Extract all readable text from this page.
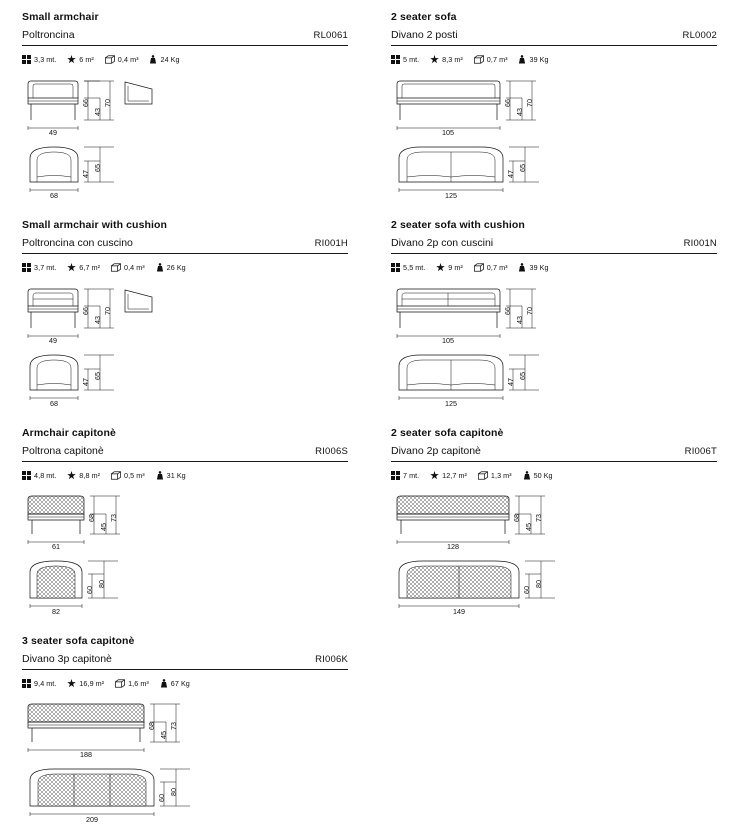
Small armchair
Poltroncina	RL0061
3,3 mt.	6 m²	0,4 m³	24 Kg
43
66 70
49
47
65
68
2 seater sofa
Divano 2 posti	RL0002
5 mt.	8,3 m²	0,7 m³	39 Kg
43
66 70
105
47
65
125
Small armchair with cushion
Poltroncina con cuscino	RI001H
3,7 mt.	6,7 m²	0,4 m³	26 Kg
43
66 70
49
47
65
68
2 seater sofa with cushion
Divano 2p con cuscini	RI001N
5,5 mt.	9 m²	0,7 m³	39 Kg
43
66 70
105
47
65
125
Armchair capitonè
Poltrona capitonè	RI006S
4,8 mt.	8,8 m²	0,5 m³	31 Kg
45
68 73
61
60
80
82
2 seater sofa capitonè
Divano 2p capitonè	RI006T
7 mt.	12,7 m²	1,3 m³	50 Kg
45
68 73
128
60
80
149
3 seater sofa capitonè
Divano 3p capitonè	RI006K
9,4 mt.	16,9 m²	1,6 m³	67 Kg
45
68 73
188
60
80
209
